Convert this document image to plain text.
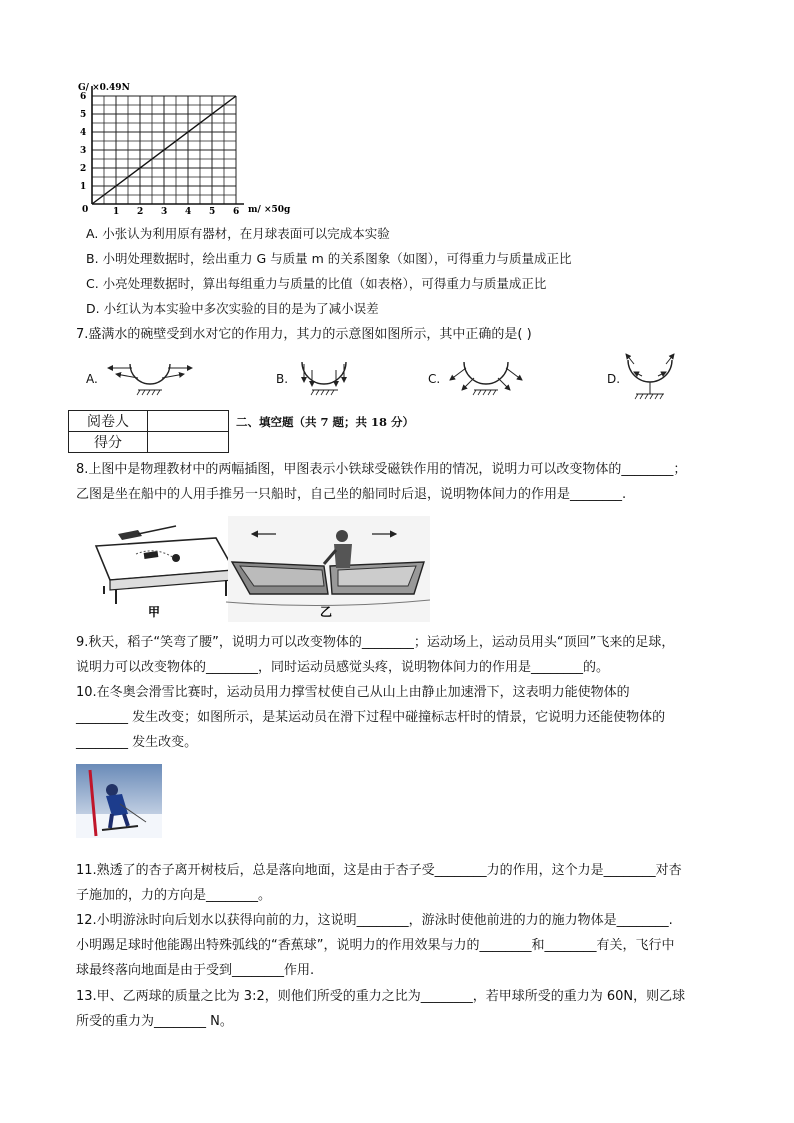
G/ ×0.49N
m/ ×50g
0	1 2 3 4 5 6
1
2
3
4
5
6
A. 小张认为利用原有器材，在月球表面可以完成本实验
B. 小明处理数据时，绘出重力 G 与质量 m 的关系图象（如图），可得重力与质量成正比
C. 小亮处理数据时，算出每组重力与质量的比值（如表格），可得重力与质量成正比
D. 小红认为本实验中多次实验的目的是为了减小误差
7.盛满水的碗壁受到水对它的作用力，其力的示意图如图所示，其中正确的是( )
A.	B.	C.	D.
阅卷人	
得分	
二、填空题（共 7 题；共 18 分）
8.上图中是物理教材中的两幅插图，甲图表示小铁球受磁铁作用的情况，说明力可以改变物体的________；
乙图是坐在船中的人用手推另一只船时，自己坐的船同时后退，说明物体间力的作用是________.
甲	乙
9.秋天，稻子“笑弯了腰”，说明力可以改变物体的________；运动场上，运动员用头“顶回”飞来的足球，
说明力可以改变物体的________，同时运动员感觉头疼，说明物体间力的作用是________的。
10.在冬奥会滑雪比赛时，运动员用力撑雪杖使自己从山上由静止加速滑下，这表明力能使物体的
________ 发生改变；如图所示，是某运动员在滑下过程中碰撞标志杆时的情景，它说明力还能使物体的
________ 发生改变。
11.熟透了的杏子离开树枝后，总是落向地面，这是由于杏子受________力的作用，这个力是________对杏
子施加的，力的方向是________。
12.小明游泳时向后划水以获得向前的力，这说明________，游泳时使他前进的力的施力物体是________.
小明踢足球时他能踢出特殊弧线的“香蕉球”，说明力的作用效果与力的________和________有关，飞行中
球最终落向地面是由于受到________作用.
13.甲、乙两球的质量之比为 3:2，则他们所受的重力之比为________，若甲球所受的重力为 60N，则乙球
所受的重力为________ N。
